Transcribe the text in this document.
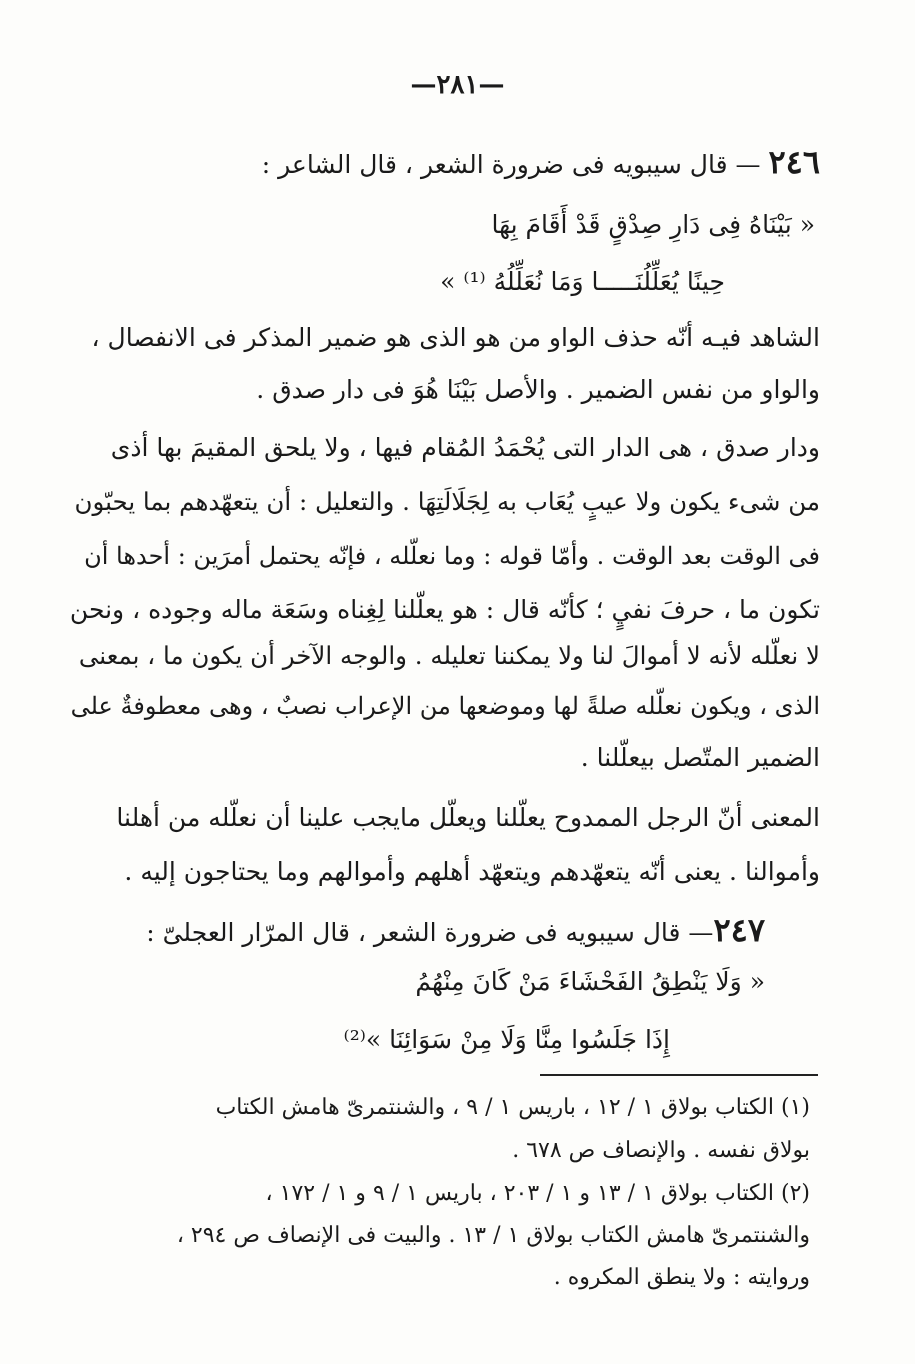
—٢٨١—
٢٤٦ — قال سيبويه فى ضرورة الشعر ، قال الشاعر :
« بَيْنَاهُ فِى دَارِ صِدْقٍ قَدْ أَقَامَ بِهَا
حِينًا يُعَلِّلُنَـــــا وَمَا نُعَلِّلُهُ ⁽¹⁾ »
الشاهد فيـه أنّه حذف الواو من هو الذى هو ضمير المذكر فى الانفصال ،
والواو من نفس الضمير . والأصل بَيْنَا هُوَ فى دار صدق .
ودار صدق ، هى الدار التى يُحْمَدُ المُقام فيها ، ولا يلحق المقيمَ بها أذى
من شىء يكون ولا عيبٍ يُعَاب به لِجَلَالَتِهَا . والتعليل : أن يتعهّدهم بما يحبّون
فى الوقت بعد الوقت . وأمّا قوله : وما نعلّله ، فإنّه يحتمل أمرَين : أحدها أن
تكون ما ، حرفَ نفيٍ ؛ كأنّه قال : هو يعلّلنا لِغِناه وسَعَة ماله وجوده ، ونحن
لا نعلّله لأنه لا أموالَ لنا ولا يمكننا تعليله . والوجه الآخر أن يكون ما ، بمعنى
الذى ، ويكون نعلّله صلةً لها وموضعها من الإعراب نصبٌ ، وهى معطوفةٌ على
الضمير المتّصل بيعلّلنا .
المعنى أنّ الرجل الممدوح يعلّلنا ويعلّل مايجب علينا أن نعلّله من أهلنا
وأموالنا . يعنى أنّه يتعهّدهم ويتعهّد أهلهم وأموالهم وما يحتاجون إليه .
٢٤٧— قال سيبويه فى ضرورة الشعر ، قال المرّار العجلىّ :
« وَلَا يَنْطِقُ الفَحْشَاءَ مَنْ كَانَ مِنْهُمُ
إِذَا جَلَسُوا مِنَّا وَلَا مِنْ سَوَائِنَا »⁽²⁾
(١) الكتاب بولاق ١ / ١٢ ، باريس ١ / ٩ ، والشنتمرىّ هامش الكتاب
بولاق نفسه . والإنصاف ص ٦٧٨ .
(٢) الكتاب بولاق ١ / ١٣ و ١ / ٢٠٣ ، باريس ١ / ٩ و ١ / ١٧٢ ،
والشنتمرىّ هامش الكتاب بولاق ١ / ١٣ . والبيت فى الإنصاف ص ٢٩٤ ،
وروايته : ولا ينطق المكروه .
